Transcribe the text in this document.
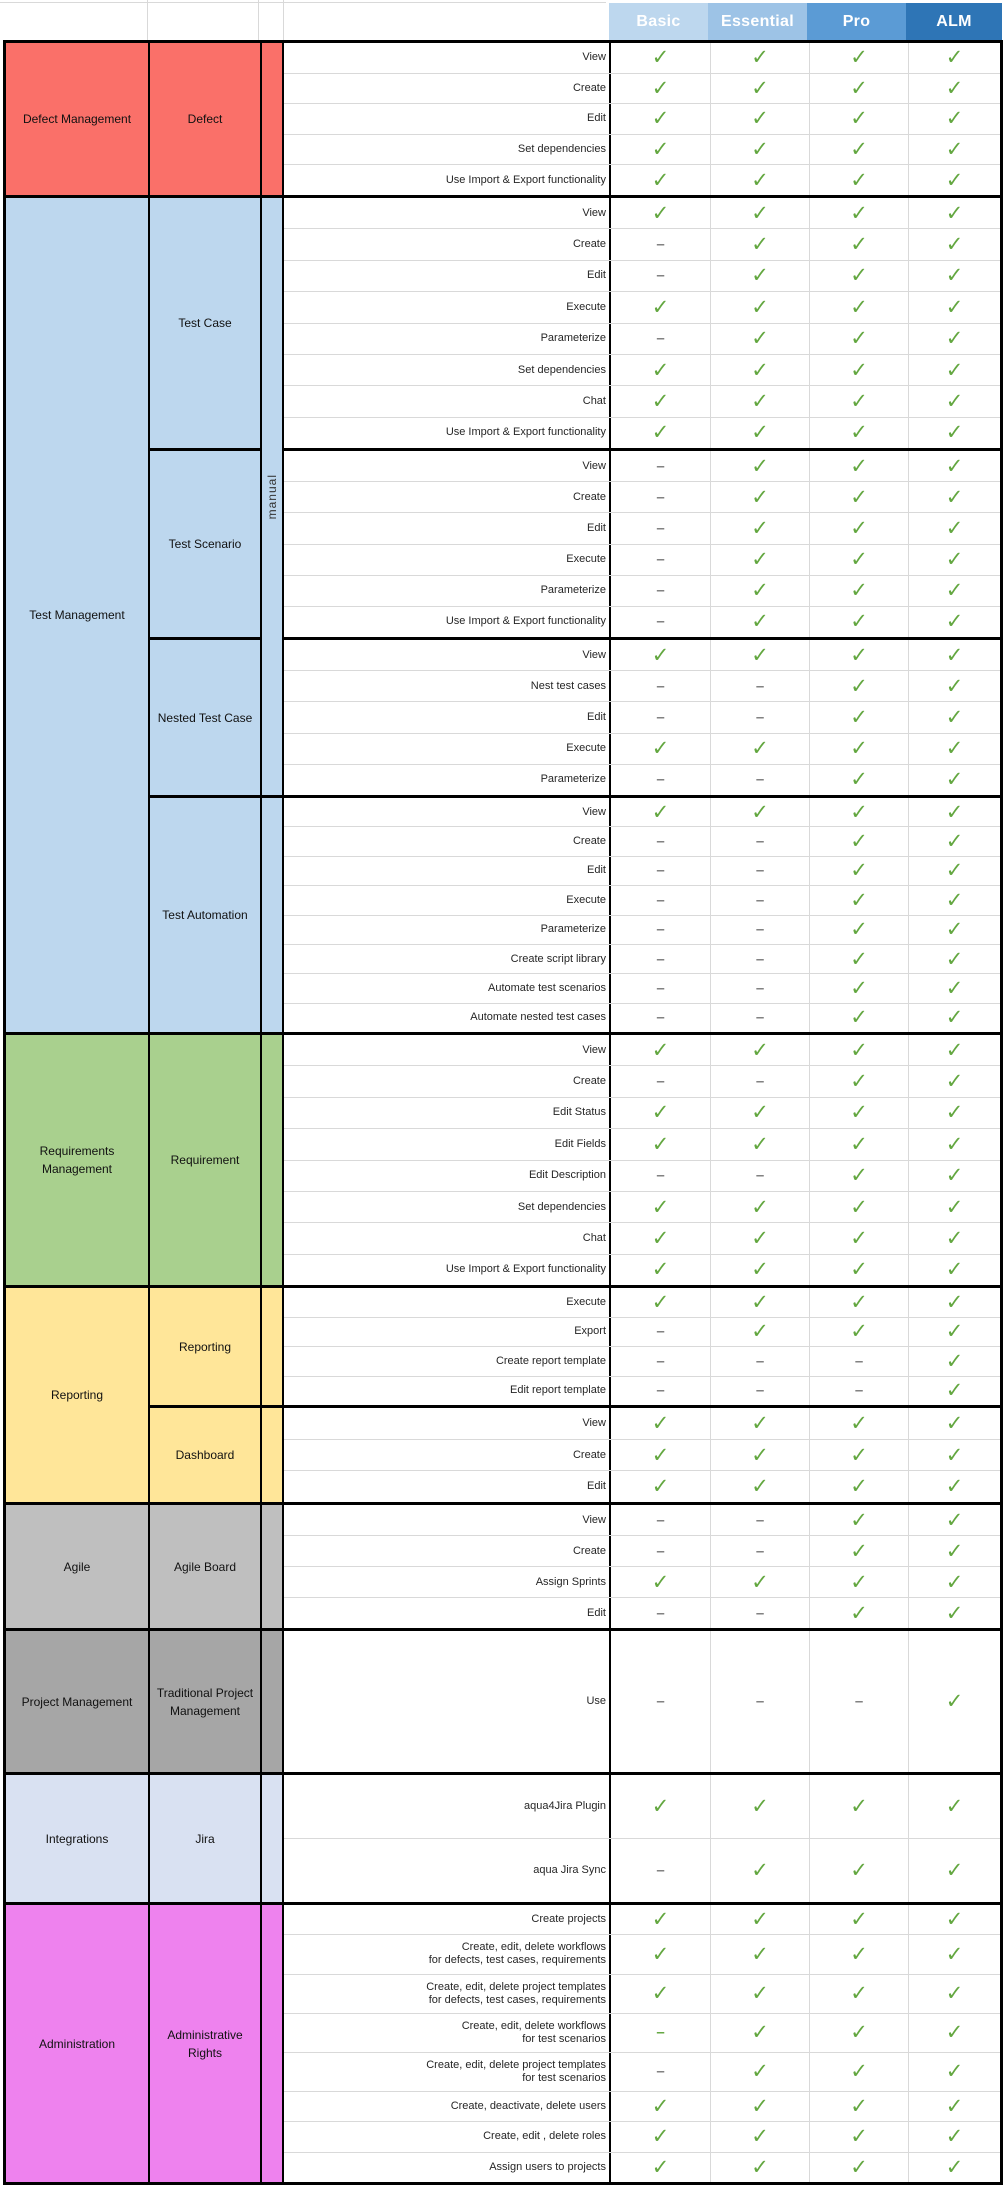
Basic	Essential	Pro	ALM
Defect Management	Defect
View ✓	✓	✓	✓
Create ✓	✓	✓	✓
Edit ✓	✓	✓	✓
Set dependencies ✓	✓	✓	✓
Use Import & Export functionality ✓	✓	✓	✓
Test Management
Test Case
View ✓	✓	✓	✓
Create	–	✓	✓	✓
Edit	–	✓	✓	✓
Execute ✓	✓	✓	✓
Parameterize	–	✓	✓	✓
Set dependencies ✓	✓	✓	✓
Chat ✓	✓	✓	✓
Use Import & Export functionality ✓	✓	✓	✓
Test Scenario
View	–	✓	✓	✓
Create	–	✓	✓	✓
Edit	–	✓	✓	✓
Execute	–	✓	✓	✓
Parameterize	–	✓	✓	✓
Use Import & Export functionality	–	✓	✓	✓
Nested Test Case
View ✓	✓	✓	✓
Nest test cases	–	–	✓	✓
Edit	–	–	✓	✓
Execute ✓	✓	✓	✓
Parameterize	–	–	✓	✓
Test Automation
View ✓	✓	✓	✓
Create	–	–	✓	✓
Edit	–	–	✓	✓
Execute	–	–	✓	✓
Parameterize	–	–	✓	✓
Create script library	–	–	✓	✓
Automate test scenarios	–	–	✓	✓
Automate nested test cases	–	–	✓	✓
manual
Requirements Management
Requirement
View ✓	✓	✓	✓
Create	–	–	✓	✓
Edit Status ✓	✓	✓	✓
Edit Fields ✓	✓	✓	✓
Edit Description	–	–	✓	✓
Set dependencies ✓	✓	✓	✓
Chat ✓	✓	✓	✓
Use Import & Export functionality ✓	✓	✓	✓
Reporting
Reporting
Execute ✓	✓	✓	✓
Export	–	✓	✓	✓
Create report template	–	–	–	✓
Edit report template	–	–	–	✓
Dashboard
View ✓	✓	✓	✓
Create ✓	✓	✓	✓
Edit ✓	✓	✓	✓
Agile	Agile Board
View	–	–	✓	✓
Create	–	–	✓	✓
Assign Sprints ✓	✓	✓	✓
Edit	–	–	✓	✓
Project Management
Traditional Project Management
Use	–	–	–	✓
Integrations	Jira
aqua4Jira Plugin ✓	✓	✓	✓
aqua Jira Sync	–	✓	✓	✓
Administration
Administrative Rights
Create projects ✓	✓	✓	✓
Create, edit, delete workflows
for defects, test cases, requirements ✓	✓	✓	✓
Create, edit, delete project templates
for defects, test cases, requirements ✓	✓	✓	✓
Create, edit, delete workflows
for test scenarios	–	✓	✓	✓
Create, edit, delete project templates
for test scenarios	–	✓	✓	✓
Create, deactivate, delete users ✓	✓	✓	✓
Create, edit , delete roles ✓	✓	✓	✓
Assign users to projects ✓	✓	✓	✓
